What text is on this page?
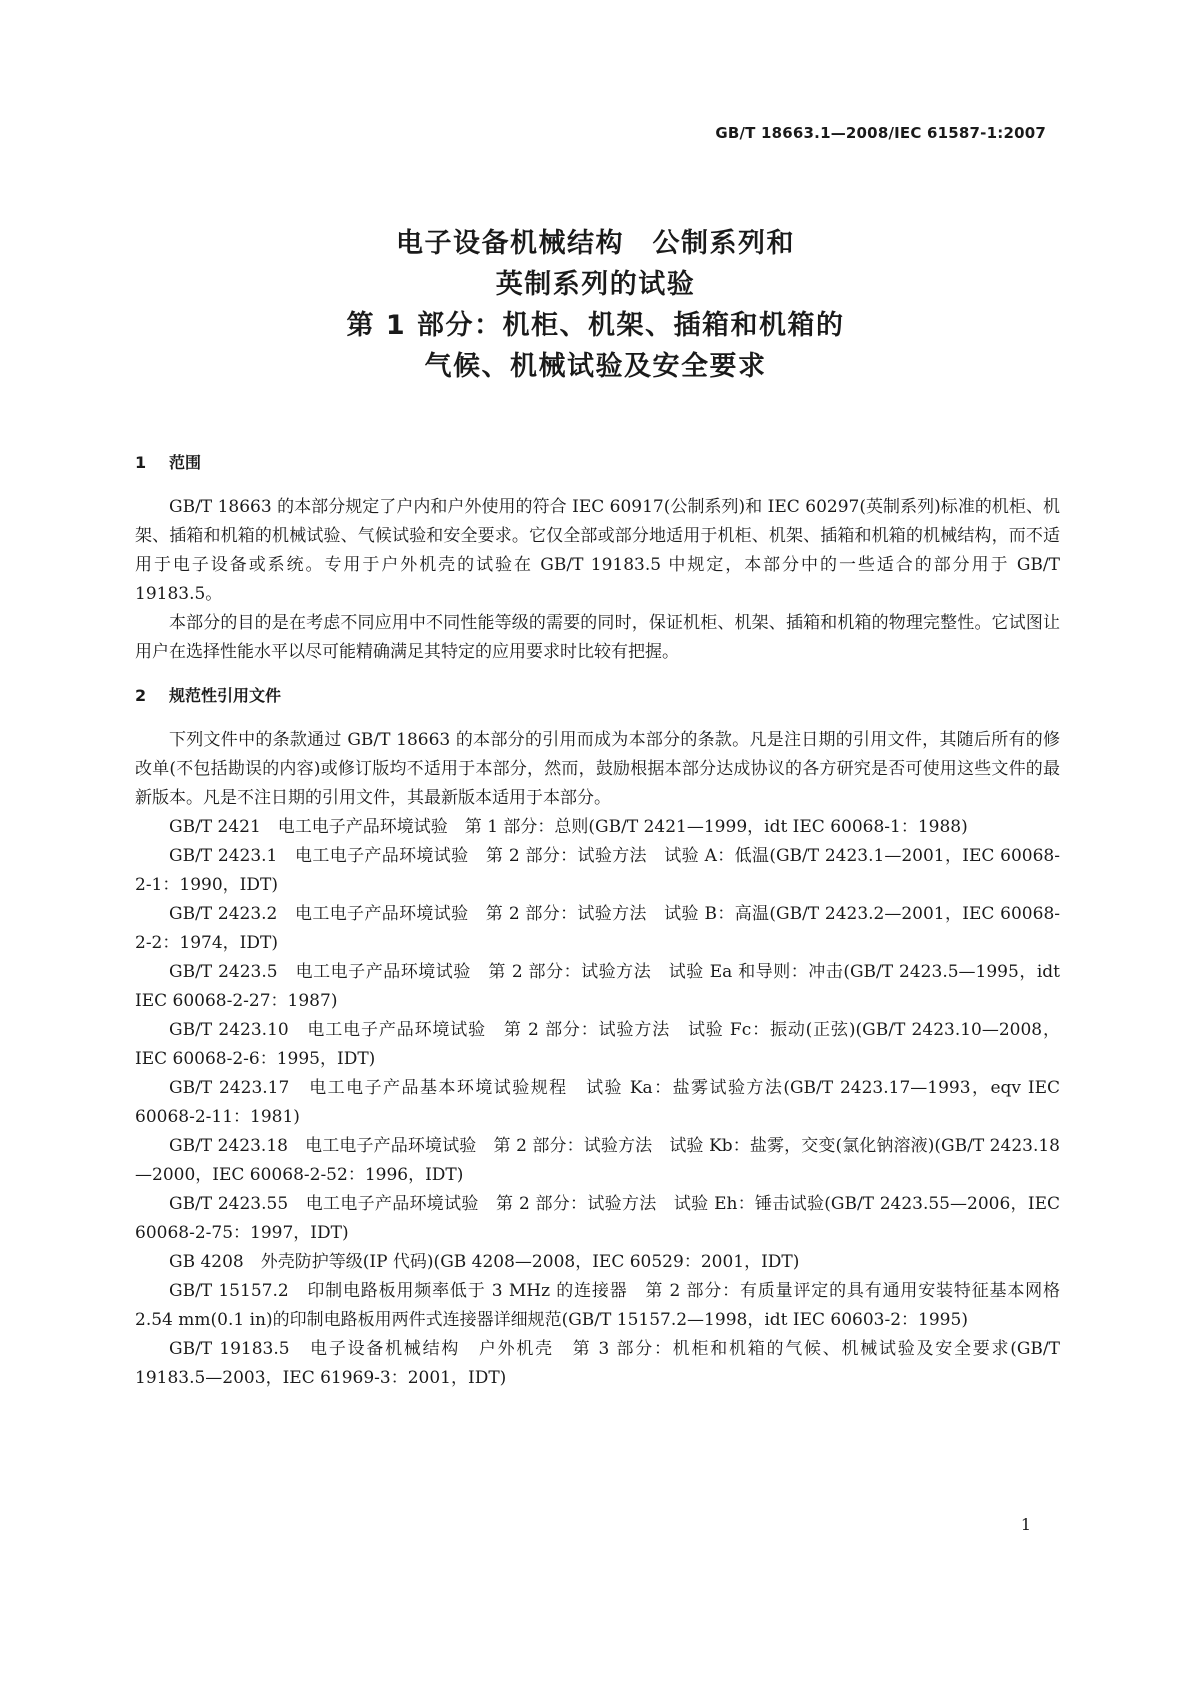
GB/T 18663.1—2008/IEC 61587-1:2007
电子设备机械结构　公制系列和
英制系列的试验
第 1 部分：机柜、机架、插箱和机箱的
气候、机械试验及安全要求
1 范围

GB/T 18663 的本部分规定了户内和户外使用的符合 IEC 60917(公制系列)和 IEC 60297(英制系列)标准的机柜、机架、插箱和机箱的机械试验、气候试验和安全要求。它仅全部或部分地适用于机柜、机架、插箱和机箱的机械结构，而不适用于电子设备或系统。专用于户外机壳的试验在 GB/T 19183.5 中规定，本部分中的一些适合的部分用于 GB/T 19183.5。

本部分的目的是在考虑不同应用中不同性能等级的需要的同时，保证机柜、机架、插箱和机箱的物理完整性。它试图让用户在选择性能水平以尽可能精确满足其特定的应用要求时比较有把握。

2 规范性引用文件

下列文件中的条款通过 GB/T 18663 的本部分的引用而成为本部分的条款。凡是注日期的引用文件，其随后所有的修改单(不包括勘误的内容)或修订版均不适用于本部分，然而，鼓励根据本部分达成协议的各方研究是否可使用这些文件的最新版本。凡是不注日期的引用文件，其最新版本适用于本部分。

GB/T 2421　电工电子产品环境试验　第 1 部分：总则(GB/T 2421—1999，idt IEC 60068-1：1988)

GB/T 2423.1　电工电子产品环境试验　第 2 部分：试验方法　试验 A：低温(GB/T 2423.1—2001，IEC 60068-2-1：1990，IDT)

GB/T 2423.2　电工电子产品环境试验　第 2 部分：试验方法　试验 B：高温(GB/T 2423.2—2001，IEC 60068-2-2：1974，IDT)

GB/T 2423.5　电工电子产品环境试验　第 2 部分：试验方法　试验 Ea 和导则：冲击(GB/T 2423.5—1995，idt IEC 60068-2-27：1987)

GB/T 2423.10　电工电子产品环境试验　第 2 部分：试验方法　试验 Fc：振动(正弦)(GB/T 2423.10—2008，IEC 60068-2-6：1995，IDT)

GB/T 2423.17　电工电子产品基本环境试验规程　试验 Ka：盐雾试验方法(GB/T 2423.17—1993，eqv IEC 60068-2-11：1981)

GB/T 2423.18　电工电子产品环境试验　第 2 部分：试验方法　试验 Kb：盐雾，交变(氯化钠溶液)(GB/T 2423.18—2000，IEC 60068-2-52：1996，IDT)

GB/T 2423.55　电工电子产品环境试验　第 2 部分：试验方法　试验 Eh：锤击试验(GB/T 2423.55—2006，IEC 60068-2-75：1997，IDT)

GB 4208　外壳防护等级(IP 代码)(GB 4208—2008，IEC 60529：2001，IDT)

GB/T 15157.2　印制电路板用频率低于 3 MHz 的连接器　第 2 部分：有质量评定的具有通用安装特征基本网格 2.54 mm(0.1 in)的印制电路板用两件式连接器详细规范(GB/T 15157.2—1998，idt IEC 60603-2：1995)

GB/T 19183.5　电子设备机械结构　户外机壳　第 3 部分：机柜和机箱的气候、机械试验及安全要求(GB/T 19183.5—2003，IEC 61969-3：2001，IDT)

1
